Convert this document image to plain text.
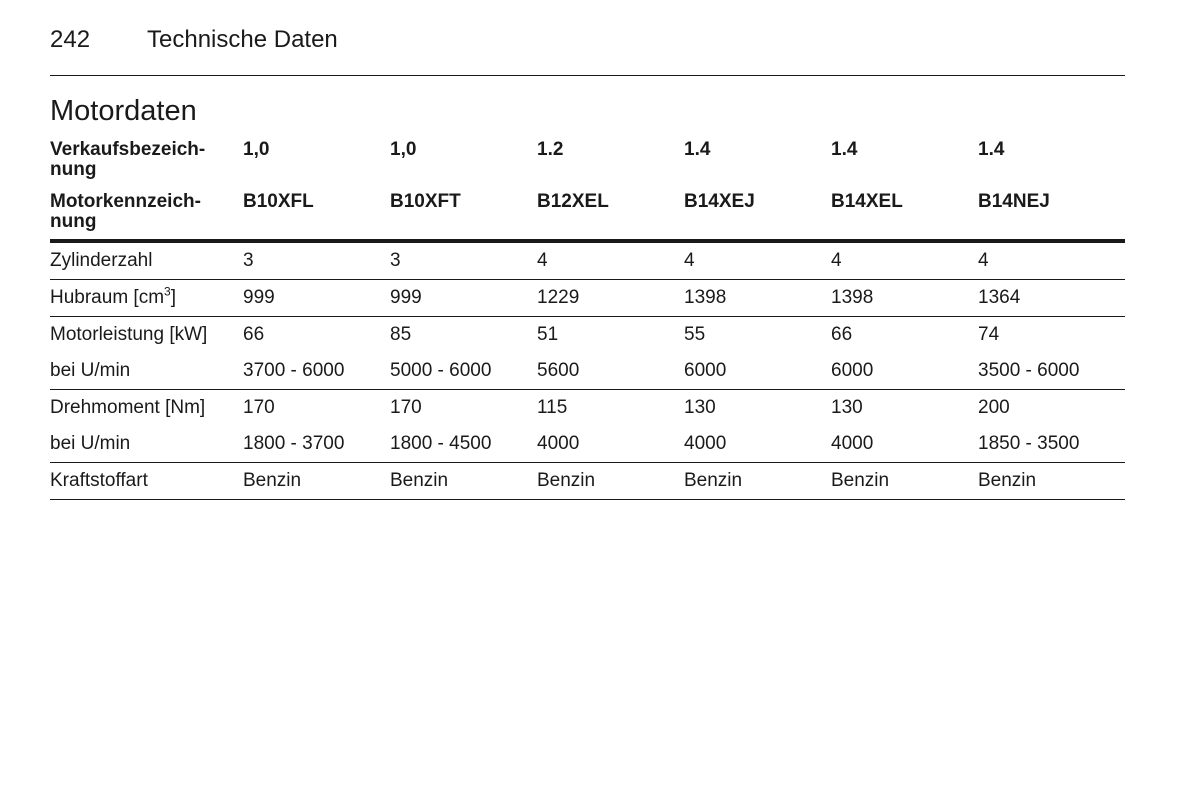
242 Technische Daten
Motordaten
Verkaufsbezeich-
nung	1,0	1,0	1.2	1.4	1.4	1.4
Motorkennzeich-
nung	B10XFL	B10XFT	B12XEL	B14XEJ	B14XEL	B14NEJ
Zylinderzahl	3	3	4	4	4	4
Hubraum $[cm^3]$	999	999	1229	1398	1398	1364
Motorleistung [kW]	66	85	51	55	66	74
bei U/min	3700 - 6000	5000 - 6000	5600	6000	6000	3500 - 6000
Drehmoment [Nm]	170	170	115	130	130	200
bei U/min	1800 - 3700	1800 - 4500	4000	4000	4000	1850 - 3500
Kraftstoffart	Benzin	Benzin	Benzin	Benzin	Benzin	Benzin
